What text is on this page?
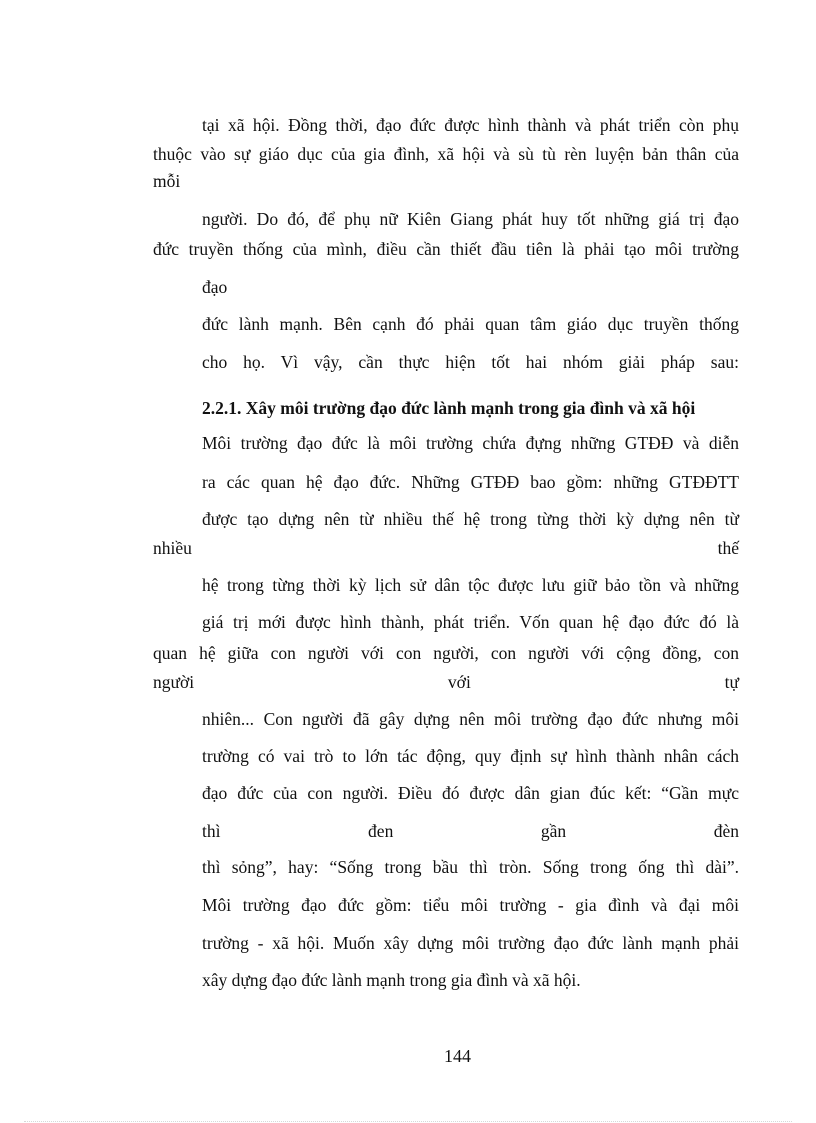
tại xã hội. Đồng thời, đạo đức được hình thành và phát triển còn phụ
thuộc vào sự giáo dục của gia đình, xã hội và sù tù rèn luyện bản thân của
mỗi
người. Do đó, để phụ nữ Kiên Giang phát huy tốt những giá trị đạo
đức truyền thống của mình, điều cần thiết đầu tiên là phải tạo môi trường
đạo
đức lành mạnh. Bên cạnh đó phải quan tâm giáo dục truyền thống
cho họ. Vì vậy, cần thực hiện tốt hai nhóm giải pháp sau:
2.2.1. Xây môi trường đạo đức lành mạnh trong gia đình và xã hội
Môi trường đạo đức là môi trường chứa đựng những GTĐĐ và diễn
ra các quan hệ đạo đức. Những GTĐĐ bao gồm: những GTĐĐTT
được tạo dựng nên từ nhiều thế hệ trong từng thời kỳ dựng nên từ
nhiều thế
hệ trong từng thời kỳ lịch sử dân tộc được lưu giữ bảo tồn và những
giá trị mới được hình thành, phát triển. Vốn quan hệ đạo đức đó là
quan hệ giữa con người với con người, con người với cộng đồng, con
người với tự
nhiên... Con người đã gây dựng nên môi trường đạo đức nhưng môi
trường có vai trò to lớn tác động, quy định sự hình thành nhân cách
đạo đức của con người. Điều đó được dân gian đúc kết: “Gần mực
thì đen gần đèn
thì sỏng”, hay: “Sống trong bầu thì tròn. Sống trong ống thì dài”.
Môi trường đạo đức gồm: tiểu môi trường - gia đình và đại môi
trường - xã hội. Muốn xây dựng môi trường đạo đức lành mạnh phải
xây dựng đạo đức lành mạnh trong gia đình và xã hội.
144
